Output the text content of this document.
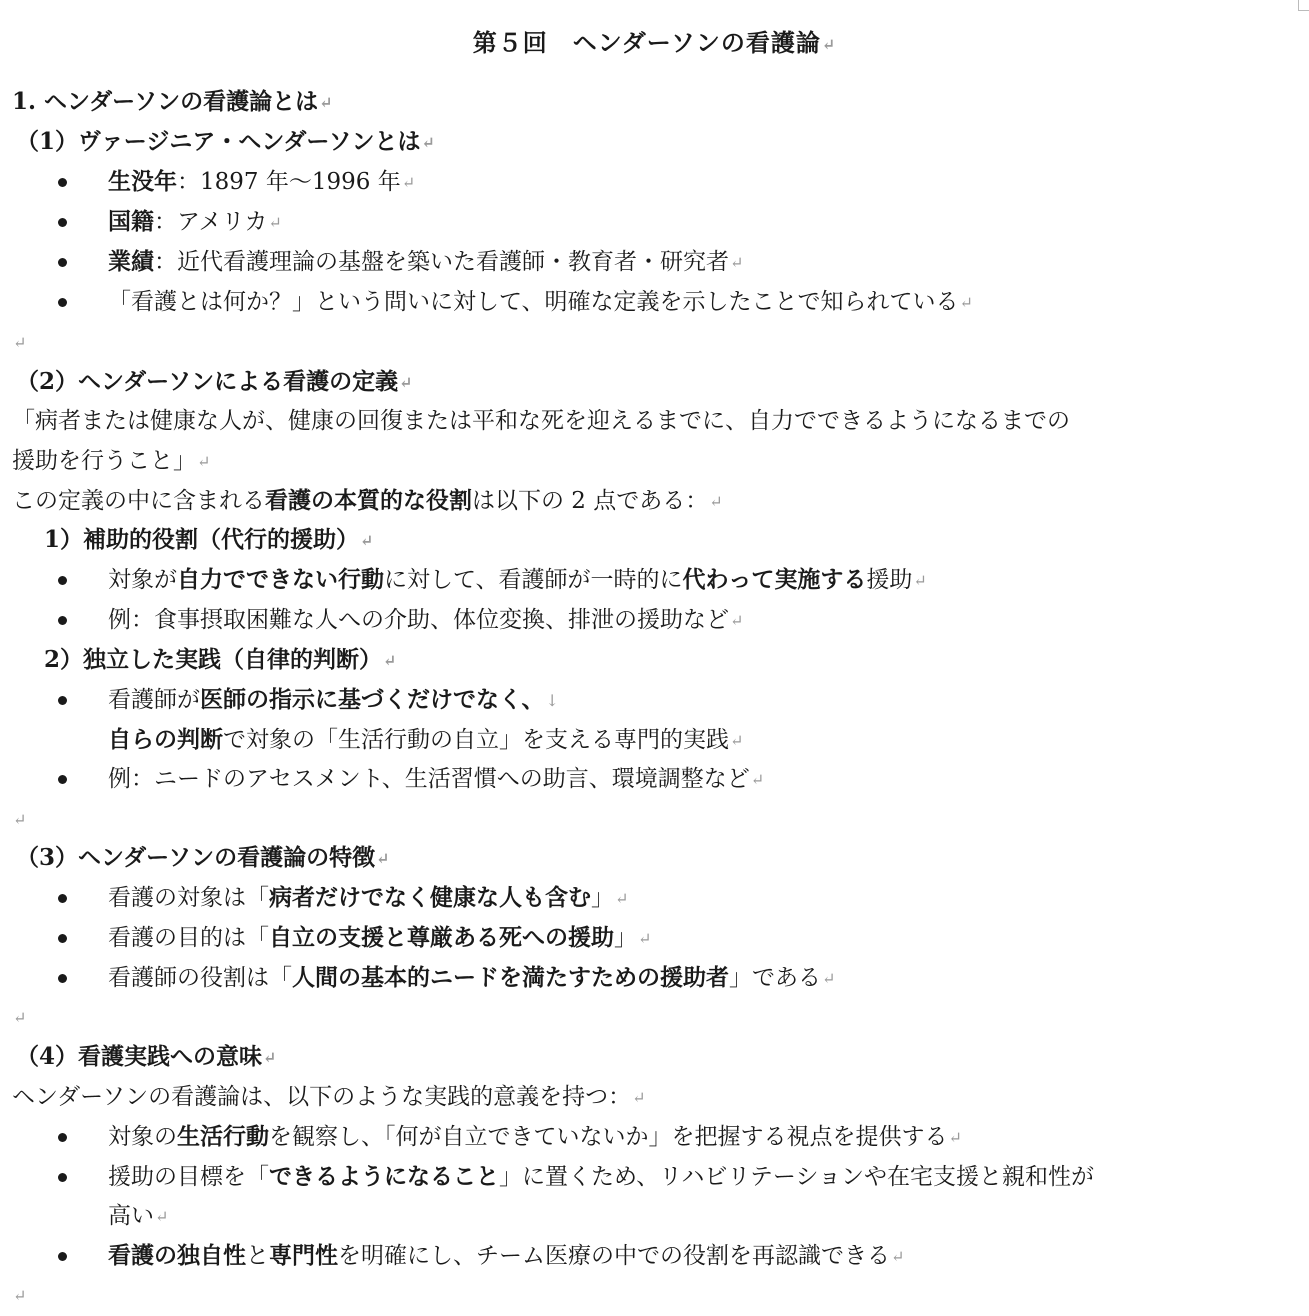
第５回　ヘンダーソンの看護論↵
1. ヘンダーソンの看護論とは↵
（1）ヴァージニア・ヘンダーソンとは↵
生没年：1897 年～1996 年↵
国籍：アメリカ↵
業績：近代看護理論の基盤を築いた看護師・教育者・研究者↵
「看護とは何か？」という問いに対して、明確な定義を示したことで知られている↵
↵
（2）ヘンダーソンによる看護の定義↵
「病者または健康な人が、健康の回復または平和な死を迎えるまでに、自力でできるようになるまでの
援助を行うこと」↵
この定義の中に含まれる看護の本質的な役割は以下の 2 点である：↵
1）補助的役割（代行的援助）↵
対象が自力でできない行動に対して、看護師が一時的に代わって実施する援助↵
例：食事摂取困難な人への介助、体位変換、排泄の援助など↵
2）独立した実践（自律的判断）↵
看護師が医師の指示に基づくだけでなく、↓
自らの判断で対象の「生活行動の自立」を支える専門的実践↵
例：ニードのアセスメント、生活習慣への助言、環境調整など↵
↵
（3）ヘンダーソンの看護論の特徴↵
看護の対象は「病者だけでなく健康な人も含む」↵
看護の目的は「自立の支援と尊厳ある死への援助」↵
看護師の役割は「人間の基本的ニードを満たすための援助者」である↵
↵
（4）看護実践への意味↵
ヘンダーソンの看護論は、以下のような実践的意義を持つ：↵
対象の生活行動を観察し、「何が自立できていないか」を把握する視点を提供する↵
援助の目標を「できるようになること」に置くため、リハビリテーションや在宅支援と親和性が
高い↵
看護の独自性と専門性を明確にし、チーム医療の中での役割を再認識できる↵
↵
